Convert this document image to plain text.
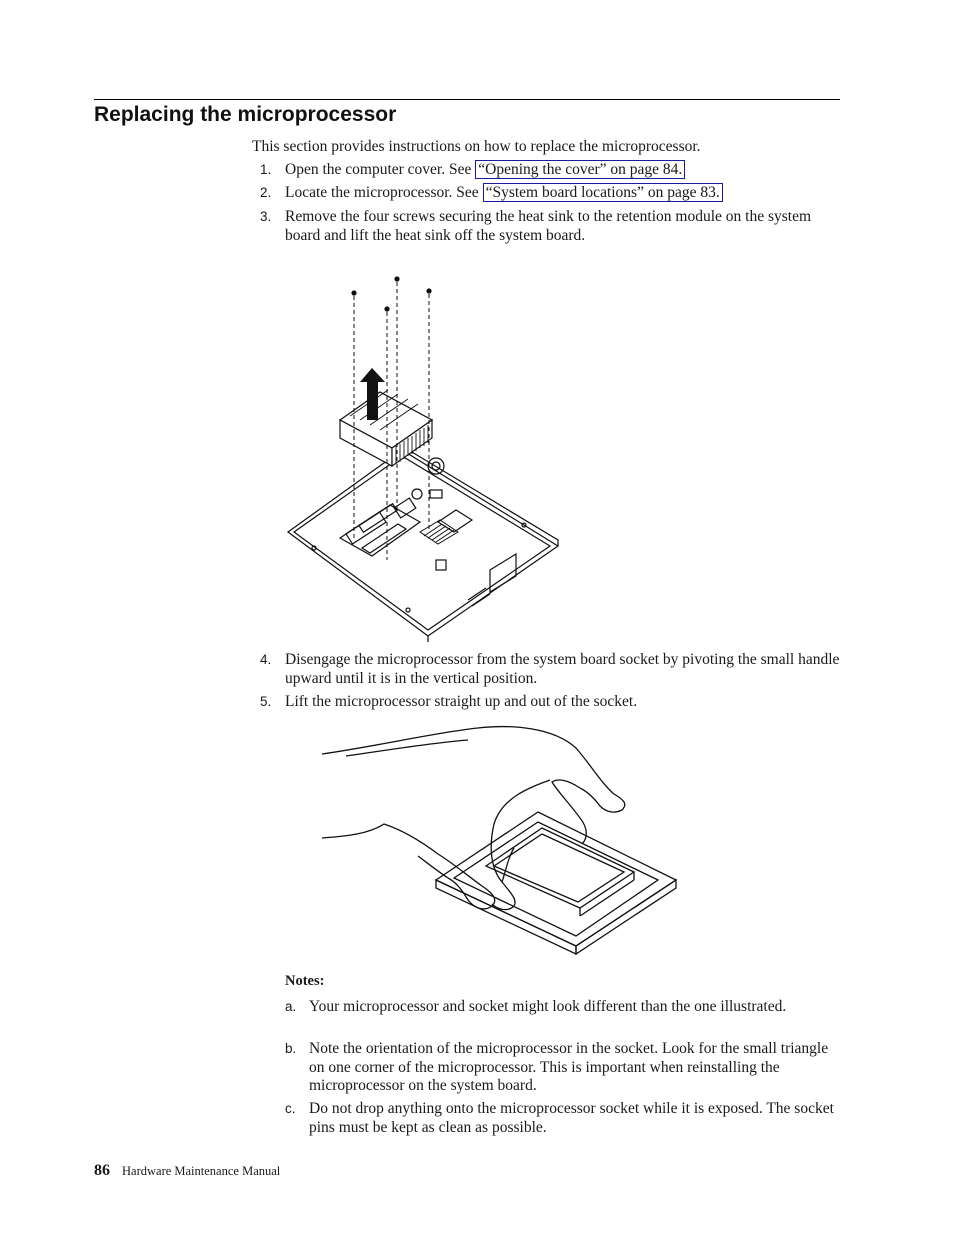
Replacing the microprocessor

This section provides instructions on how to replace the microprocessor.

1. Open the computer cover. See “Opening the cover” on page 84.
2. Locate the microprocessor. See “System board locations” on page 83.
3. Remove the four screws securing the heat sink to the retention module on the system board and lift the heat sink off the system board.
4. Disengage the microprocessor from the system board socket by pivoting the small handle upward until it is in the vertical position.
5. Lift the microprocessor straight up and out of the socket.
Notes:
a. Your microprocessor and socket might look different than the one illustrated.
b. Note the orientation of the microprocessor in the socket. Look for the small triangle on one corner of the microprocessor. This is important when reinstalling the microprocessor on the system board.
c. Do not drop anything onto the microprocessor socket while it is exposed. The socket pins must be kept as clean as possible.
86 Hardware Maintenance Manual
